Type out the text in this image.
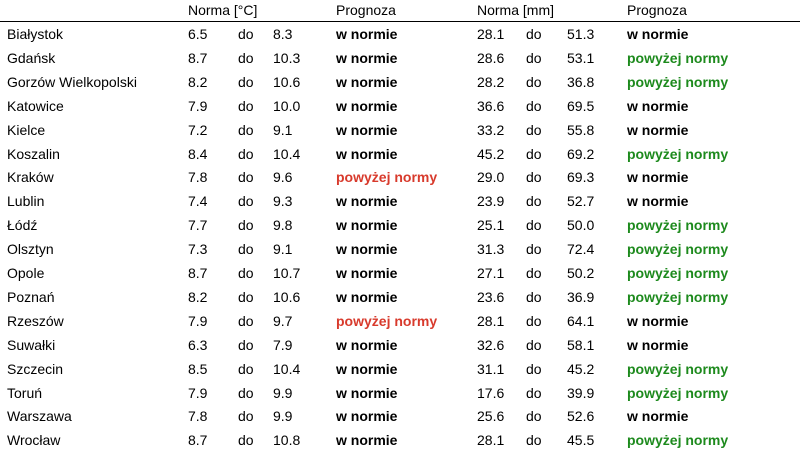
Norma [°C]	Prognoza	Norma [mm]	Prognoza
Białystok	6.5 do 8.3	w normie	28.1 do 51.3 w normie
Gdańsk	8.7 do 10.3	w normie	28.6 do 53.1 powyżej normy
Gorzów Wielkopolski	8.2 do 10.6	w normie	28.2 do 36.8 powyżej normy
Katowice	7.9 do 10.0	w normie	36.6 do 69.5 w normie
Kielce	7.2 do 9.1	w normie	33.2 do 55.8 w normie
Koszalin	8.4 do 10.4	w normie	45.2 do 69.2 powyżej normy
Kraków	7.8 do 9.6	powyżej normy	29.0 do 69.3 w normie
Lublin	7.4 do 9.3	w normie	23.9 do 52.7 w normie
Łódź	7.7 do 9.8	w normie	25.1 do 50.0 powyżej normy
Olsztyn	7.3 do 9.1	w normie	31.3 do 72.4 powyżej normy
Opole	8.7 do 10.7	w normie	27.1 do 50.2 powyżej normy
Poznań	8.2 do 10.6	w normie	23.6 do 36.9 powyżej normy
Rzeszów	7.9 do 9.7	powyżej normy	28.1 do 64.1 w normie
Suwałki	6.3 do 7.9	w normie	32.6 do 58.1 w normie
Szczecin	8.5 do 10.4	w normie	31.1 do 45.2 powyżej normy
Toruń	7.9 do 9.9	w normie	17.6 do 39.9 powyżej normy
Warszawa	7.8 do 9.9	w normie	25.6 do 52.6 w normie
Wrocław	8.7 do 10.8	w normie	28.1 do 45.5 powyżej normy
